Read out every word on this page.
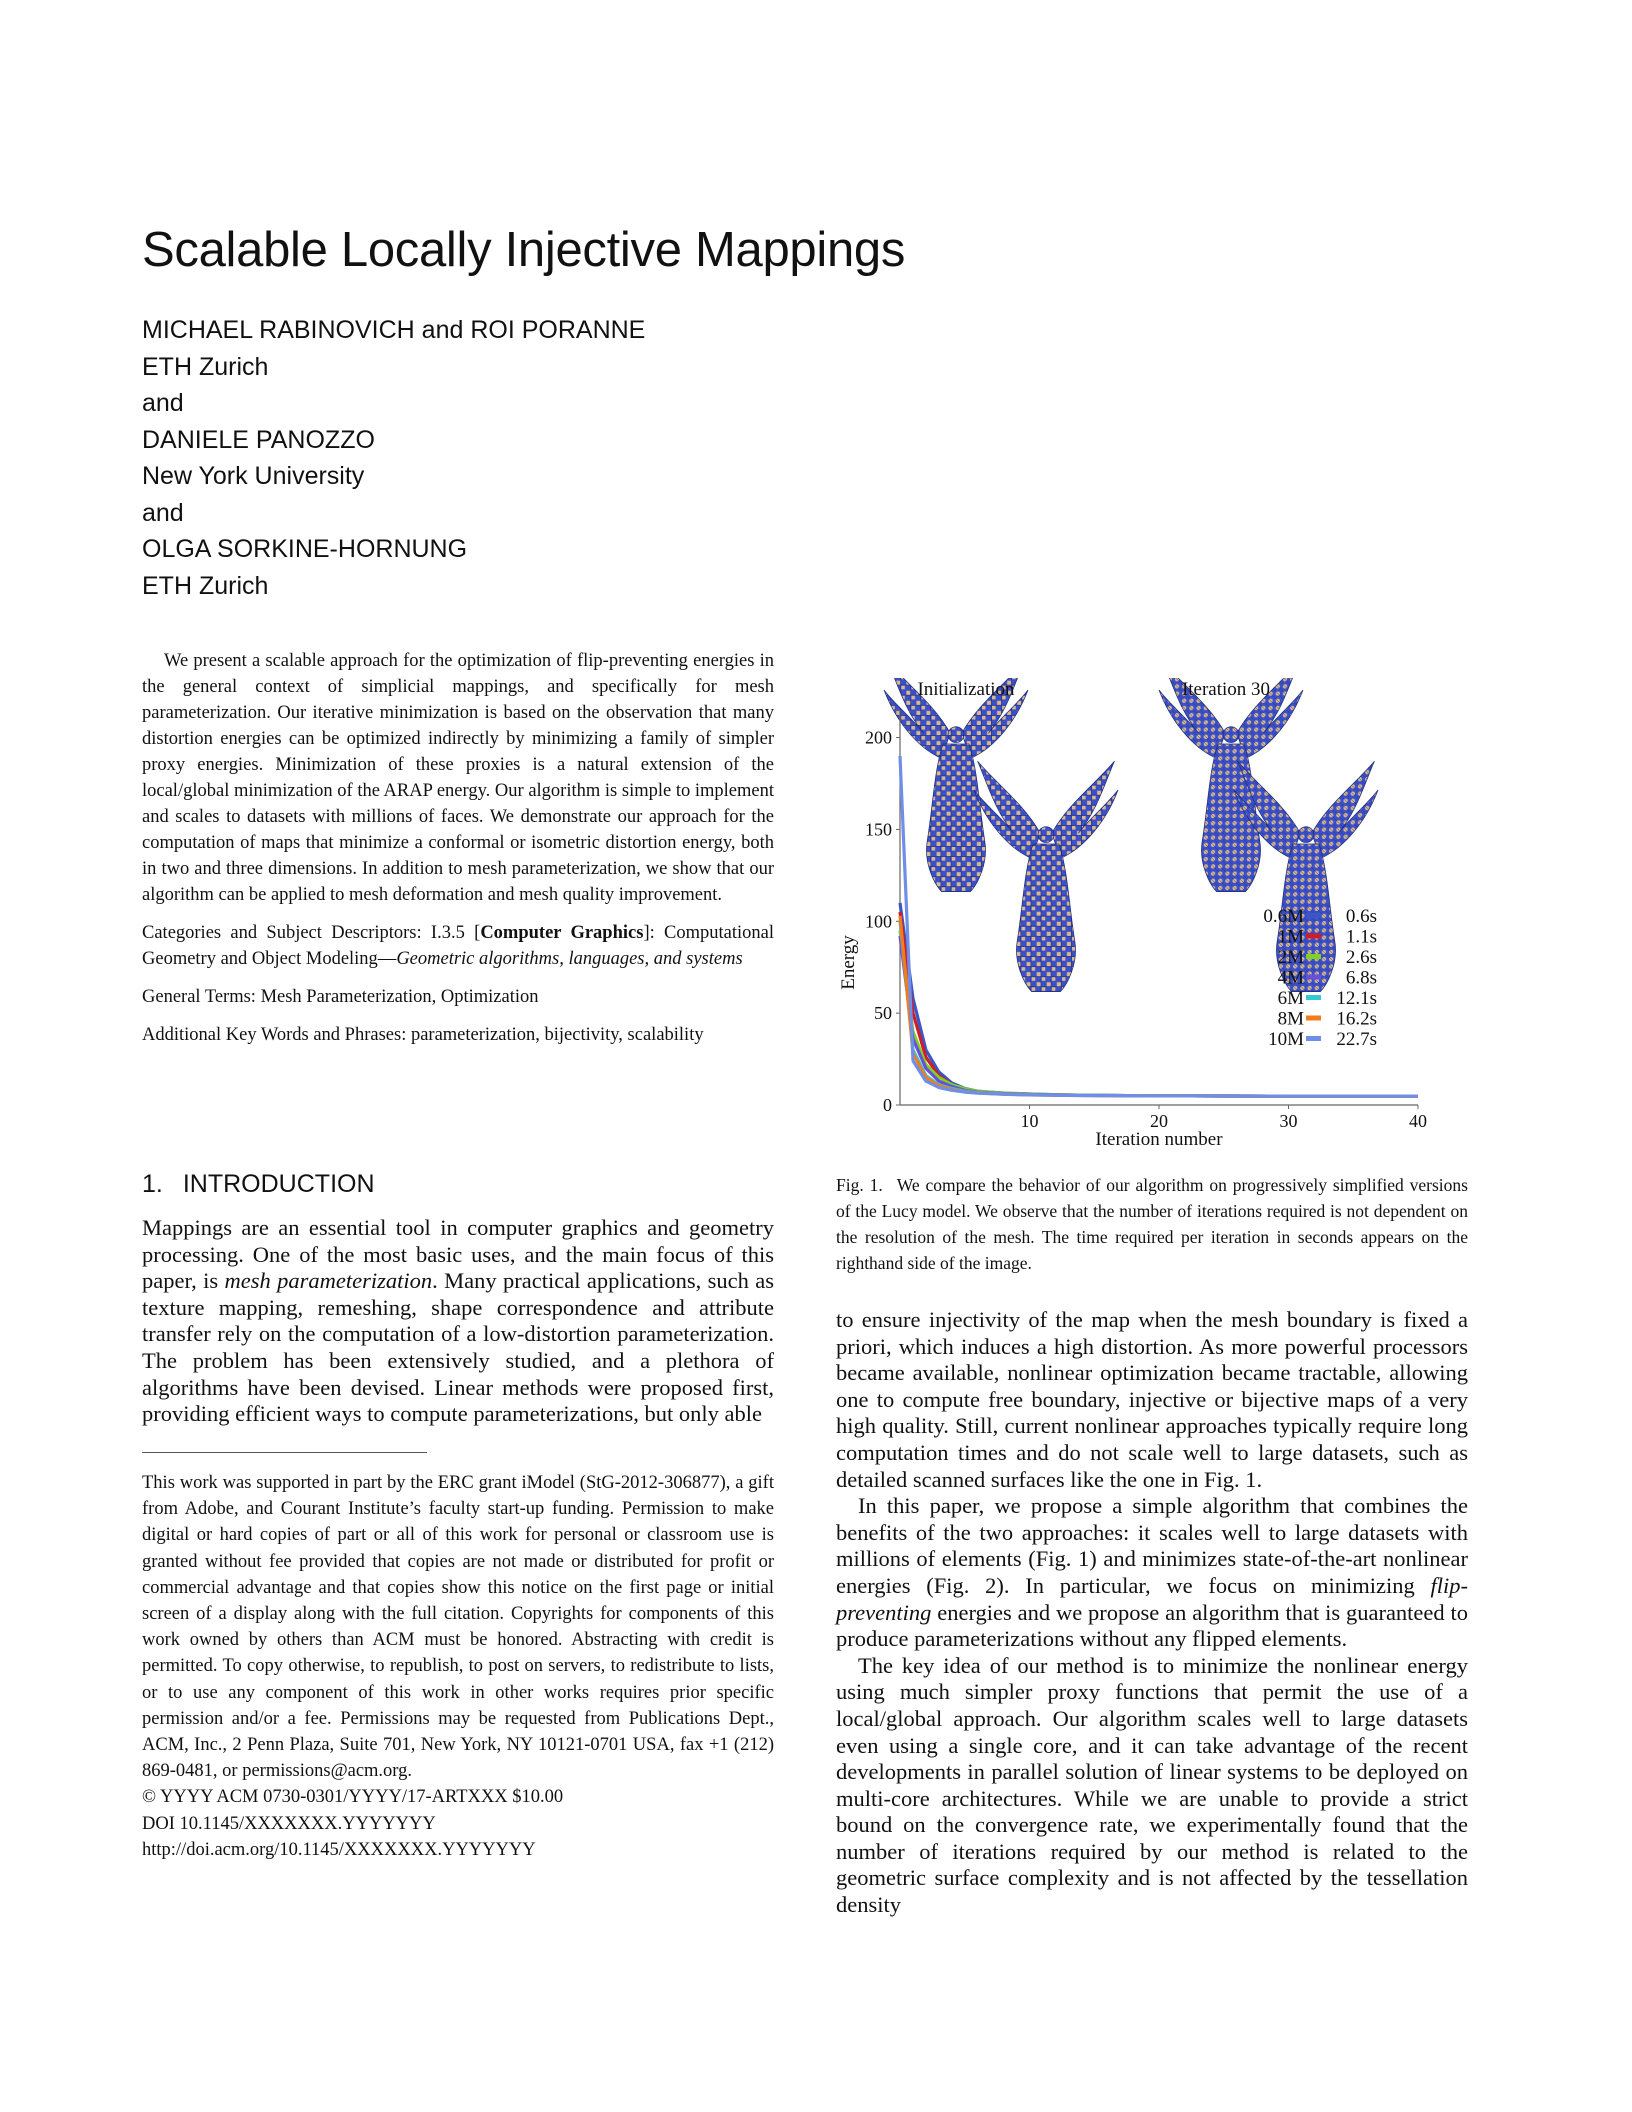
Scalable Locally Injective Mappings
MICHAEL RABINOVICH and ROI PORANNE
ETH Zurich
and
DANIELE PANOZZO
New York University
and
OLGA SORKINE-HORNUNG
ETH Zurich

We present a scalable approach for the optimization of flip-preventing energies in the general context of simplicial mappings, and specifically for mesh parameterization. Our iterative minimization is based on the observation that many distortion energies can be optimized indirectly by minimizing a family of simpler proxy energies. Minimization of these proxies is a natural extension of the local/global minimization of the ARAP energy. Our algorithm is simple to implement and scales to datasets with millions of faces. We demonstrate our approach for the computation of maps that minimize a conformal or isometric distortion energy, both in two and three dimensions. In addition to mesh parameterization, we show that our algorithm can be applied to mesh deformation and mesh quality improvement.

Categories and Subject Descriptors: I.3.5 [Computer Graphics]: Computational Geometry and Object Modeling—Geometric algorithms, languages, and systems

General Terms: Mesh Parameterization, Optimization

Additional Key Words and Phrases: parameterization, bijectivity, scalability

1. INTRODUCTION

Mappings are an essential tool in computer graphics and geometry processing. One of the most basic uses, and the main focus of this paper, is mesh parameterization. Many practical applications, such as texture mapping, remeshing, shape correspondence and attribute transfer rely on the computation of a low-distortion parameterization. The problem has been extensively studied, and a plethora of algorithms have been devised. Linear methods were proposed first, providing efficient ways to compute parameterizations, but only able

This work was supported in part by the ERC grant iModel (StG-2012-306877), a gift from Adobe, and Courant Institute’s faculty start-up funding. Permission to make digital or hard copies of part or all of this work for personal or classroom use is granted without fee provided that copies are not made or distributed for profit or commercial advantage and that copies show this notice on the first page or initial screen of a display along with the full citation. Copyrights for components of this work owned by others than ACM must be honored. Abstracting with credit is permitted. To copy otherwise, to republish, to post on servers, to redistribute to lists, or to use any component of this work in other works requires prior specific permission and/or a fee. Permissions may be requested from Publications Dept., ACM, Inc., 2 Penn Plaza, Suite 701, New York, NY 10121-0701 USA, fax +1 (212) 869-0481, or permissions@acm.org.

© YYYY ACM 0730-0301/YYYY/17-ARTXXX $10.00
DOI 10.1145/XXXXXXX.YYYYYYY
http://doi.acm.org/10.1145/XXXXXXX.YYYYYYY
Initialization	Iteration 30
0
50
100
150
200
10	20	30	40
Iteration number
Energy
0.6M 0.6s
1M 1.1s
2M 2.6s
4M 6.8s
6M 12.1s
8M 16.2s
10M 22.7s

Fig. 1. We compare the behavior of our algorithm on progressively simplified versions of the Lucy model. We observe that the number of iterations required is not dependent on the resolution of the mesh. The time required per iteration in seconds appears on the righthand side of the image.

to ensure injectivity of the map when the mesh boundary is fixed a priori, which induces a high distortion. As more powerful processors became available, nonlinear optimization became tractable, allowing one to compute free boundary, injective or bijective maps of a very high quality. Still, current nonlinear approaches typically require long computation times and do not scale well to large datasets, such as detailed scanned surfaces like the one in Fig. 1.

In this paper, we propose a simple algorithm that combines the benefits of the two approaches: it scales well to large datasets with millions of elements (Fig. 1) and minimizes state-of-the-art nonlinear energies (Fig. 2). In particular, we focus on minimizing flip-preventing energies and we propose an algorithm that is guaranteed to produce parameterizations without any flipped elements.

The key idea of our method is to minimize the nonlinear energy using much simpler proxy functions that permit the use of a local/global approach. Our algorithm scales well to large datasets even using a single core, and it can take advantage of the recent developments in parallel solution of linear systems to be deployed on multi-core architectures. While we are unable to provide a strict bound on the convergence rate, we experimentally found that the number of iterations required by our method is related to the geometric surface complexity and is not affected by the tessellation density
